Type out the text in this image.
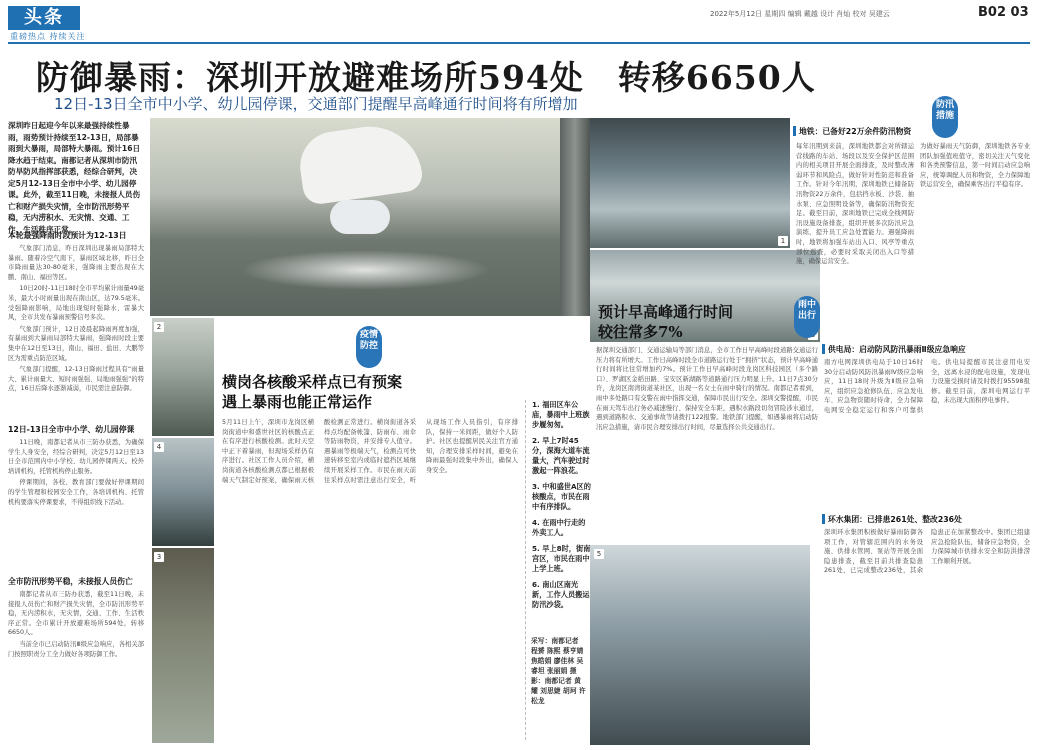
头条
重磅热点 持续关注
2022年5月12日 星期四 编辑 戴越 设计 肖灿 校对 吴建云	B02 03
防御暴雨：深圳开放避难场所594处　转移6650人
12日-13日全市中小学、幼儿园停课，交通部门提醒早高峰通行时间将有所增加
深圳昨日起迎今年以来最强持续性暴雨，雨势预计持续至12-13日，局部暴雨到大暴雨，局部特大暴雨。预计16日降水趋于结束。南都记者从深圳市防汛防旱防风指挥部获悉，经综合研判，决定5月12-13日全市中小学、幼儿园停课。此外，截至11日晚，未接报人员伤亡和财产损失灾情，全市防汛形势平稳，无内涝积水、无灾情、交通、工作、生活秩序正常。
本轮最强降雨时段预计为12-13日

气象部门消息，昨日深圳出现暴雨局部特大暴雨。随着冷空气南下，暴雨区域北移，昨日全市降雨量达30-80毫米，强降雨主要出现在大鹏、南山、福田等区。

10日20时-11日18时全市平均累计雨量49毫米，最大小时雨量出现在南山区，达79.5毫米。受强降雨影响，局地出现短时强降水、雷暴大风，全市共发布暴雨预警信号多次。

气象部门预计，12日凌晨起降雨再度加强，有暴雨到大暴雨局部特大暴雨，强降雨时段主要集中在12日至13日，南山、福田、盐田、大鹏等区为需重点防范区域。

气象部门提醒，12-13日降雨过程具有“雨量大、累计雨量大、短时雨强强、局地雨强强”的特点，16日后降水逐渐减弱，市民需注意防御。

12日-13日全市中小学、幼儿园停课

11日晚，南都记者从市三防办获悉，为确保学生人身安全，经综合研判，决定5月12日至13日全市范围内中小学校、幼儿园停课两天。校外培训机构，托管机构停止服务。

停课期间，各校、教育部门要做好停课期间的学生管理和校园安全工作，各培训机构、托管机构要落实停课要求，不得组织线下活动。

全市防汛形势平稳，未接报人员伤亡

南都记者从市三防办获悉，截至11日晚，未接报人员伤亡和财产损失灾情，全市防汛形势平稳，无内涝积水，无灾情，交通、工作、生活秩序正常。全市累计开放避难场所594处，转移6650人。

当前全市已启动防汛Ⅲ级应急响应，各相关部门按照职责分工全力做好各项防御工作。

2
4
3
疫情防控
横岗各核酸采样点已有预案
遇上暴雨也能正常运作
5月11日上午，深圳市龙岗区横岗街道中和盛世社区的核酸点正在有序进行核酸检测。此时天空中正下着暴雨，但现场采样仍有序进行。社区工作人员介绍，横岗街道各核酸检测点都已根据极端天气制定好预案，确保雨天核酸检测正常进行。横岗街道各采样点均配备帐篷、防雨布、雨伞等防雨物资，并安排专人值守。遇暴雨等极端天气，检测点可快速转移至室内或临时遮挡区域继续开展采样工作。市民在雨天前往采样点时需注意出行安全，听从现场工作人员指引，有序排队，保持一米间距，做好个人防护。社区也提醒居民关注官方通知，合理安排采样时间，避免在降雨最强时段集中外出，确保人身安全。
1. 福田区车公庙，暴雨中上班族步履匆匆。
2. 早上7时45分，深海大道车流量大，汽车驶过时激起一阵浪花。
3. 中和盛世A区的核酸点，市民在雨中有序排队。
4. 在雨中行走的外卖工人。
5. 早上8时，街南宫区，市民在雨中上学上班。
6. 南山区南光新，工作人员搬运防汛沙袋。
采写：南都记者 程赟 陈熙 蔡亨婧 焦皓娟 廖佳林 吴睿坦 张丽娟 摄影：南都记者 黄耀 刘思婕 胡珂 许松龙
1
雨中出行
预计早高峰通行时间
较往常多7%
据深圳交通部门、交通运输局等部门消息，全市工作日早高峰时段道路交通运行压力将有所增大。工作日高峰时段全市道路运行处于“拥挤”状态，预计早高峰通行时间将比往常增加约7%。预计工作日早高峰时段龙岗区科技园区（多个路口）、罗湖区金稻田路、宝安区新湖路等道路通行压力明显上升。11日7点30分许，龙岗区南湾街道某社区，出现一名女士在雨中骑行的情况。南都记者看到，雨中多处路口有交警在雨中指挥交通，保障市民出行安全。深圳交警提醒，市民在雨天驾车出行务必减速慢行、保持安全车距，遇积水路段切勿冒险涉水通过，遇到道路积水、交通事故等请拨打122报警。地铁部门提醒，如遇暴雨将启动防汛应急措施，请市民合理安排出行时间，尽量选择公共交通出行。
5
防汛措施
地铁：已备好22万余件防汛物资
每年汛期到来前，深圳地铁都会对所辖运营线路的车站、场段以及安全保护区范围内的相关项目开展全面排查，及时整改薄弱环节和风险点，做好针对性防范和准备工作。针对今年汛期，深圳地铁已储备防汛物资22万余件，包括挡水板、沙袋、抽水泵、应急照明设备等，确保防汛物资充足。截至目前，深圳地铁已完成全线网防汛设施设备排查，组织开展多次防汛应急演练，提升员工应急处置能力。遇强降雨时，地铁将加强车站出入口、风亭等重点部位巡查，必要时采取关闭出入口等措施，确保运营安全。
为做好暴雨天气防御，深圳地铁各专业团队加强值班值守，密切关注天气变化和各类预警信息，第一时间启动应急响应，统筹调配人员和物资，全力保障地铁运营安全，确保乘客出行平稳有序。
供电局：启动防风防汛暴雨Ⅱ级应急响应
南方电网深圳供电局于10日16时30分启动防风防汛暴雨Ⅳ级应急响应，11日18时升级为Ⅱ级应急响应，组织应急抢修队伍、应急发电车、应急物资随时待命，全力保障电网安全稳定运行和客户可靠供电。供电局提醒市民注意用电安全，远离水浸的配电设施，发现电力设施受损时请及时拨打95598报修。截至目前，深圳电网运行平稳，未出现大面积停电事件。
环水集团：已排患261处、整改236处
深圳环水集团积极做好暴雨防御各项工作，对管辖范围内的水务设施、供排水管网、泵站等开展全面隐患排查，截至目前共排查隐患261处，已完成整改236处，其余隐患正在加紧整改中。集团已组建应急抢险队伍，储备应急物资，全力保障城市供排水安全和防洪排涝工作顺利开展。
